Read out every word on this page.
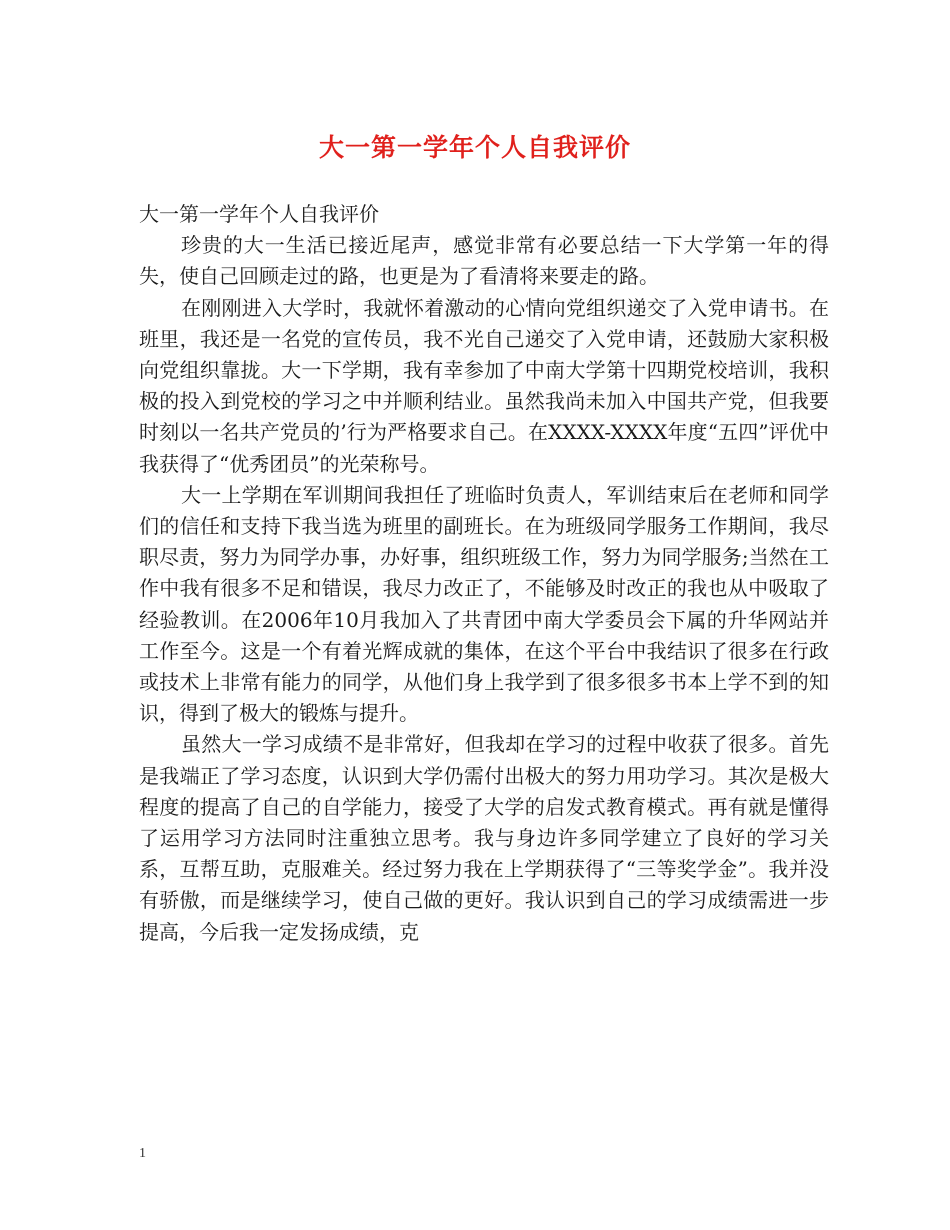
大一第一学年个人自我评价

大一第一学年个人自我评价

珍贵的大一生活已接近尾声，感觉非常有必要总结一下大学第一年的得失，使自己回顾走过的路，也更是为了看清将来要走的路。

在刚刚进入大学时，我就怀着激动的心情向党组织递交了入党申请书。在班里，我还是一名党的宣传员，我不光自己递交了入党申请，还鼓励大家积极向党组织靠拢。大一下学期，我有幸参加了中南大学第十四期党校培训，我积极的投入到党校的学习之中并顺利结业。虽然我尚未加入中国共产党，但我要时刻以一名共产党员的’行为严格要求自己。在XXXX-XXXX年度“五四”评优中我获得了“优秀团员”的光荣称号。

大一上学期在军训期间我担任了班临时负责人，军训结束后在老师和同学们的信任和支持下我当选为班里的副班长。在为班级同学服务工作期间，我尽职尽责，努力为同学办事，办好事，组织班级工作，努力为同学服务;当然在工作中我有很多不足和错误，我尽力改正了，不能够及时改正的我也从中吸取了经验教训。在2006年10月我加入了共青团中南大学委员会下属的升华网站并工作至今。这是一个有着光辉成就的集体，在这个平台中我结识了很多在行政或技术上非常有能力的同学，从他们身上我学到了很多很多书本上学不到的知识，得到了极大的锻炼与提升。

虽然大一学习成绩不是非常好，但我却在学习的过程中收获了很多。首先是我端正了学习态度，认识到大学仍需付出极大的努力用功学习。其次是极大程度的提高了自己的自学能力，接受了大学的启发式教育模式。再有就是懂得了运用学习方法同时注重独立思考。我与身边许多同学建立了良好的学习关系，互帮互助，克服难关。经过努力我在上学期获得了“三等奖学金”。我并没有骄傲，而是继续学习，使自己做的更好。我认识到自己的学习成绩需进一步提高，今后我一定发扬成绩，克

1
